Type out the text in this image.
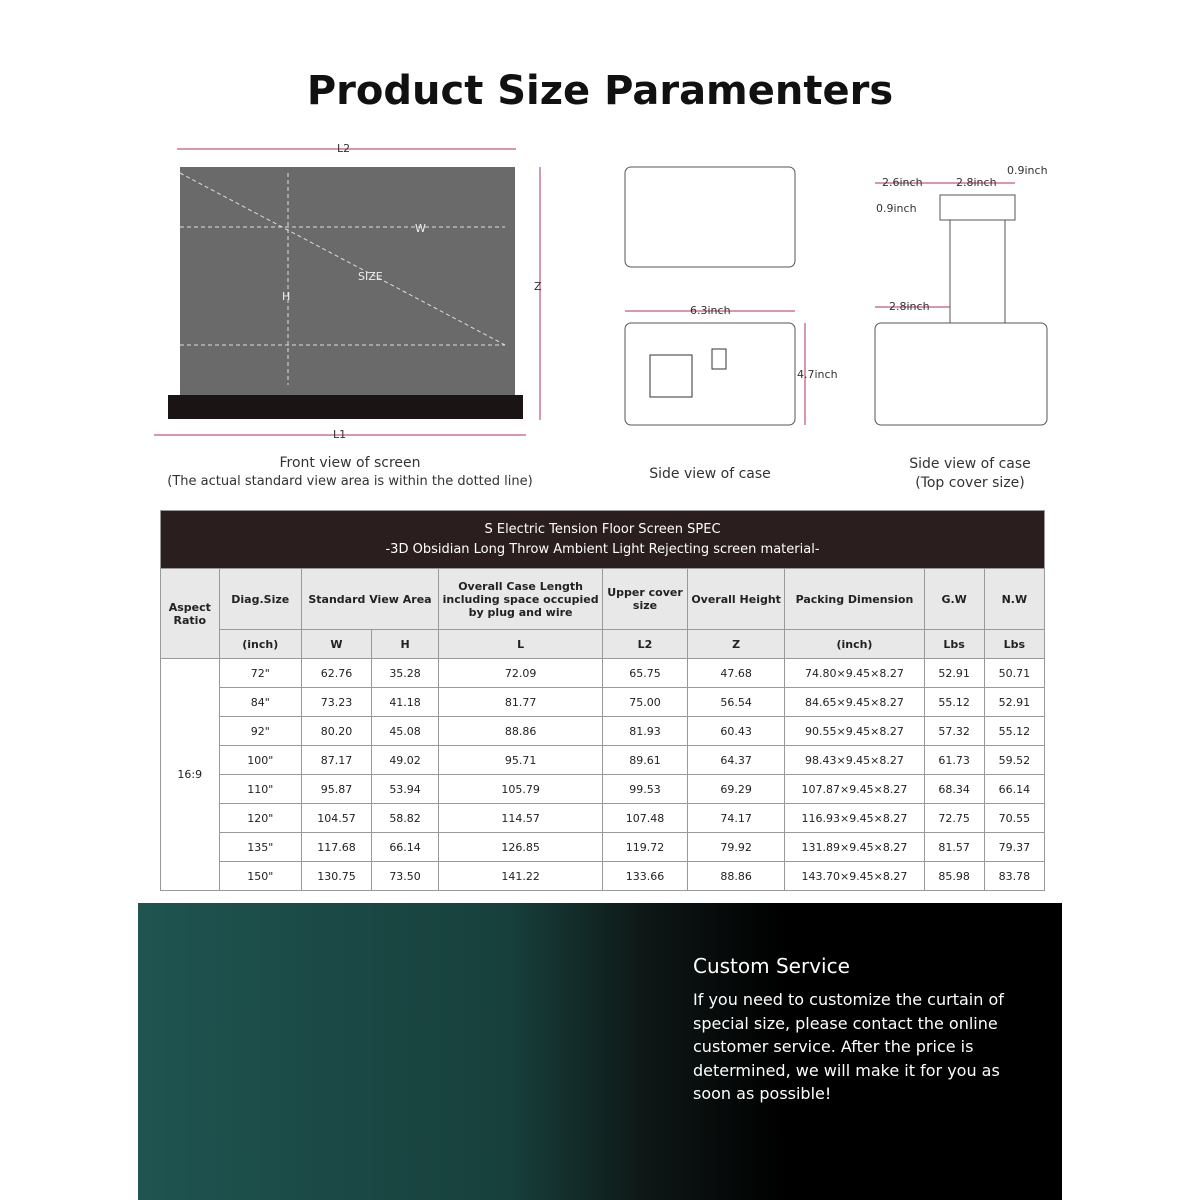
Product Size Paramenters
L2
L1
W
H
SIZE
Z
Front view of screen
(The actual standard view area is within the dotted line)
6.3inch
4.7inch
Side view of case
2.6inch	2.8inch
0.9inch
0.9inch
2.8inch
Side view of case
(Top cover size)
S Electric Tension Floor Screen SPEC
-3D Obsidian Long Throw Ambient Light Rejecting screen material-									

Aspect Ratio	Diag.Size	Standard View Area		Overall Case Length including space occupied by plug and wire	Upper cover size	Overall Height	Packing Dimension	G.W	N.W
	(inch)	W	H	L	L2	Z	(inch)	Lbs	Lbs
16:9	72"	62.76	35.28	72.09	65.75	47.68	74.80×9.45×8.27	52.91	50.71
	84"	73.23	41.18	81.77	75.00	56.54	84.65×9.45×8.27	55.12	52.91
	92"	80.20	45.08	88.86	81.93	60.43	90.55×9.45×8.27	57.32	55.12
	100"	87.17	49.02	95.71	89.61	64.37	98.43×9.45×8.27	61.73	59.52
	110"	95.87	53.94	105.79	99.53	69.29	107.87×9.45×8.27	68.34	66.14
	120"	104.57	58.82	114.57	107.48	74.17	116.93×9.45×8.27	72.75	70.55
	135"	117.68	66.14	126.85	119.72	79.92	131.89×9.45×8.27	81.57	79.37
	150"	130.75	73.50	141.22	133.66	88.86	143.70×9.45×8.27	85.98	83.78
Custom Service
If you need to customize the curtain of special size, please contact the online customer service. After the price is determined, we will make it for you as soon as possible!
